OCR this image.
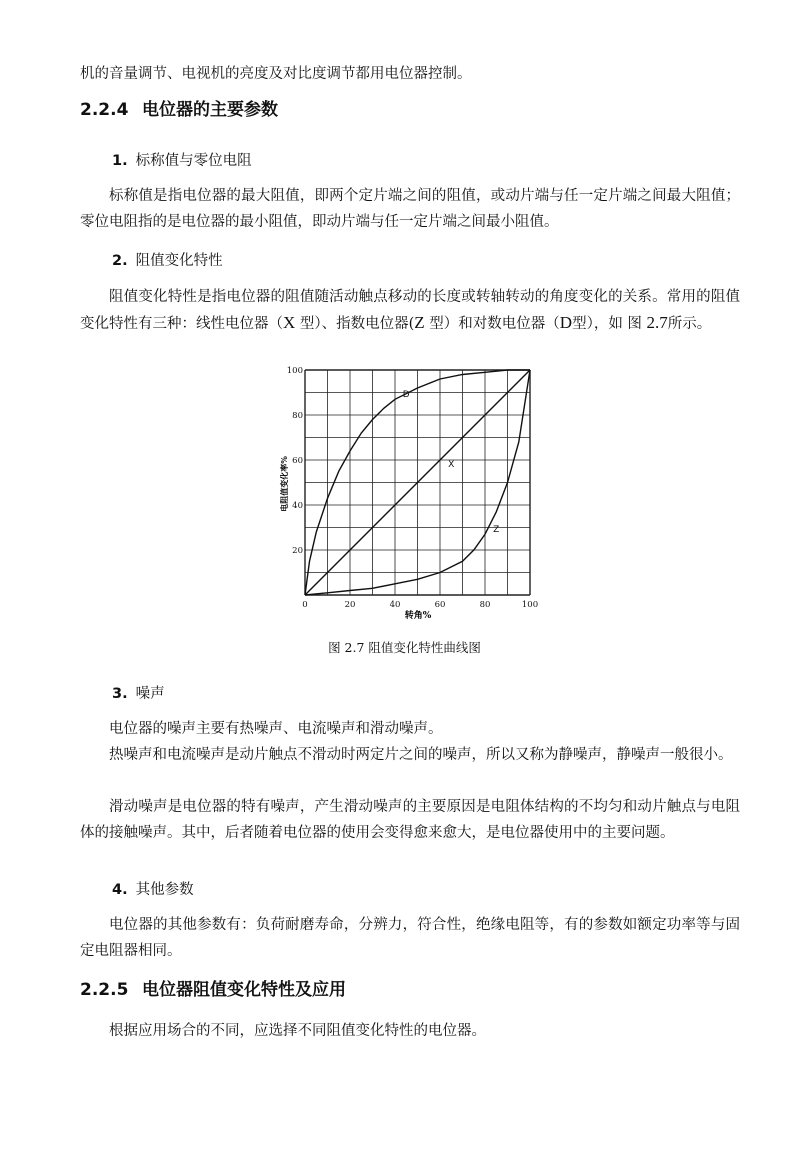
机的音量调节、电视机的亮度及对比度调节都用电位器控制。
2.2.4 电位器的主要参数
1. 标称值与零位电阻
标称值是指电位器的最大阻值，即两个定片端之间的阻值，或动片端与任一定片端之间最大阻值；零位电阻指的是电位器的最小阻值，即动片端与任一定片端之间最小阻值。
2. 阻值变化特性
阻值变化特性是指电位器的阻值随活动触点移动的长度或转轴转动的角度变化的关系。常用的阻值变化特性有三种：线性电位器（X 型）、指数电位器(Z 型）和对数电位器（D型），如 图 2.7所示。
D
X
Z
0	20	40	60	80	100
20
40
60
80
100
电阻值变化率%
转角%
图 2.7 阻值变化特性曲线图
3. 噪声
电位器的噪声主要有热噪声、电流噪声和滑动噪声。
热噪声和电流噪声是动片触点不滑动时两定片之间的噪声，所以又称为静噪声，静噪声一般很小。
滑动噪声是电位器的特有噪声，产生滑动噪声的主要原因是电阻体结构的不均匀和动片触点与电阻体的接触噪声。其中，后者随着电位器的使用会变得愈来愈大，是电位器使用中的主要问题。
4. 其他参数
电位器的其他参数有：负荷耐磨寿命，分辨力，符合性，绝缘电阻等，有的参数如额定功率等与固定电阻器相同。
2.2.5 电位器阻值变化特性及应用
根据应用场合的不同，应选择不同阻值变化特性的电位器。
